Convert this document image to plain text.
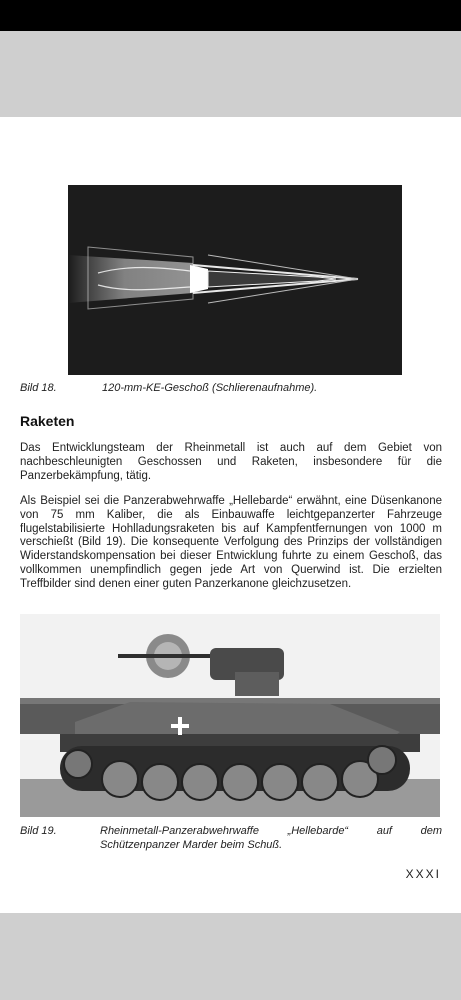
Bild 18.	120-mm-KE-Geschoß (Schlierenaufnahme).
Raketen

Das Entwicklungsteam der Rheinmetall ist auch auf dem Gebiet von nachbeschleunigten Geschossen und Raketen, insbesondere für die Panzerbekämpfung, tätig.

Als Beispiel sei die Panzerabwehrwaffe „Hellebarde“ erwähnt, eine Düsenkanone von 75 mm Kaliber, die als Einbauwaffe leichtgepanzerter Fahrzeuge flugelstabilisierte Hohlladungsraketen bis auf Kampfentfernungen von 1000 m verschießt (Bild 19). Die konsequente Verfolgung des Prinzips der vollständigen Widerstandskompensation bei dieser Entwicklung fuhrte zu einem Geschoß, das vollkommen unempfindlich gegen jede Art von Querwind ist. Die erzielten Treffbilder sind denen einer guten Panzerkanone gleichzusetzen.

Bild 19.	Rheinmetall-Panzerabwehrwaffe „Hellebarde“ auf dem Schützenpanzer Marder beim Schuß.
XXXI
